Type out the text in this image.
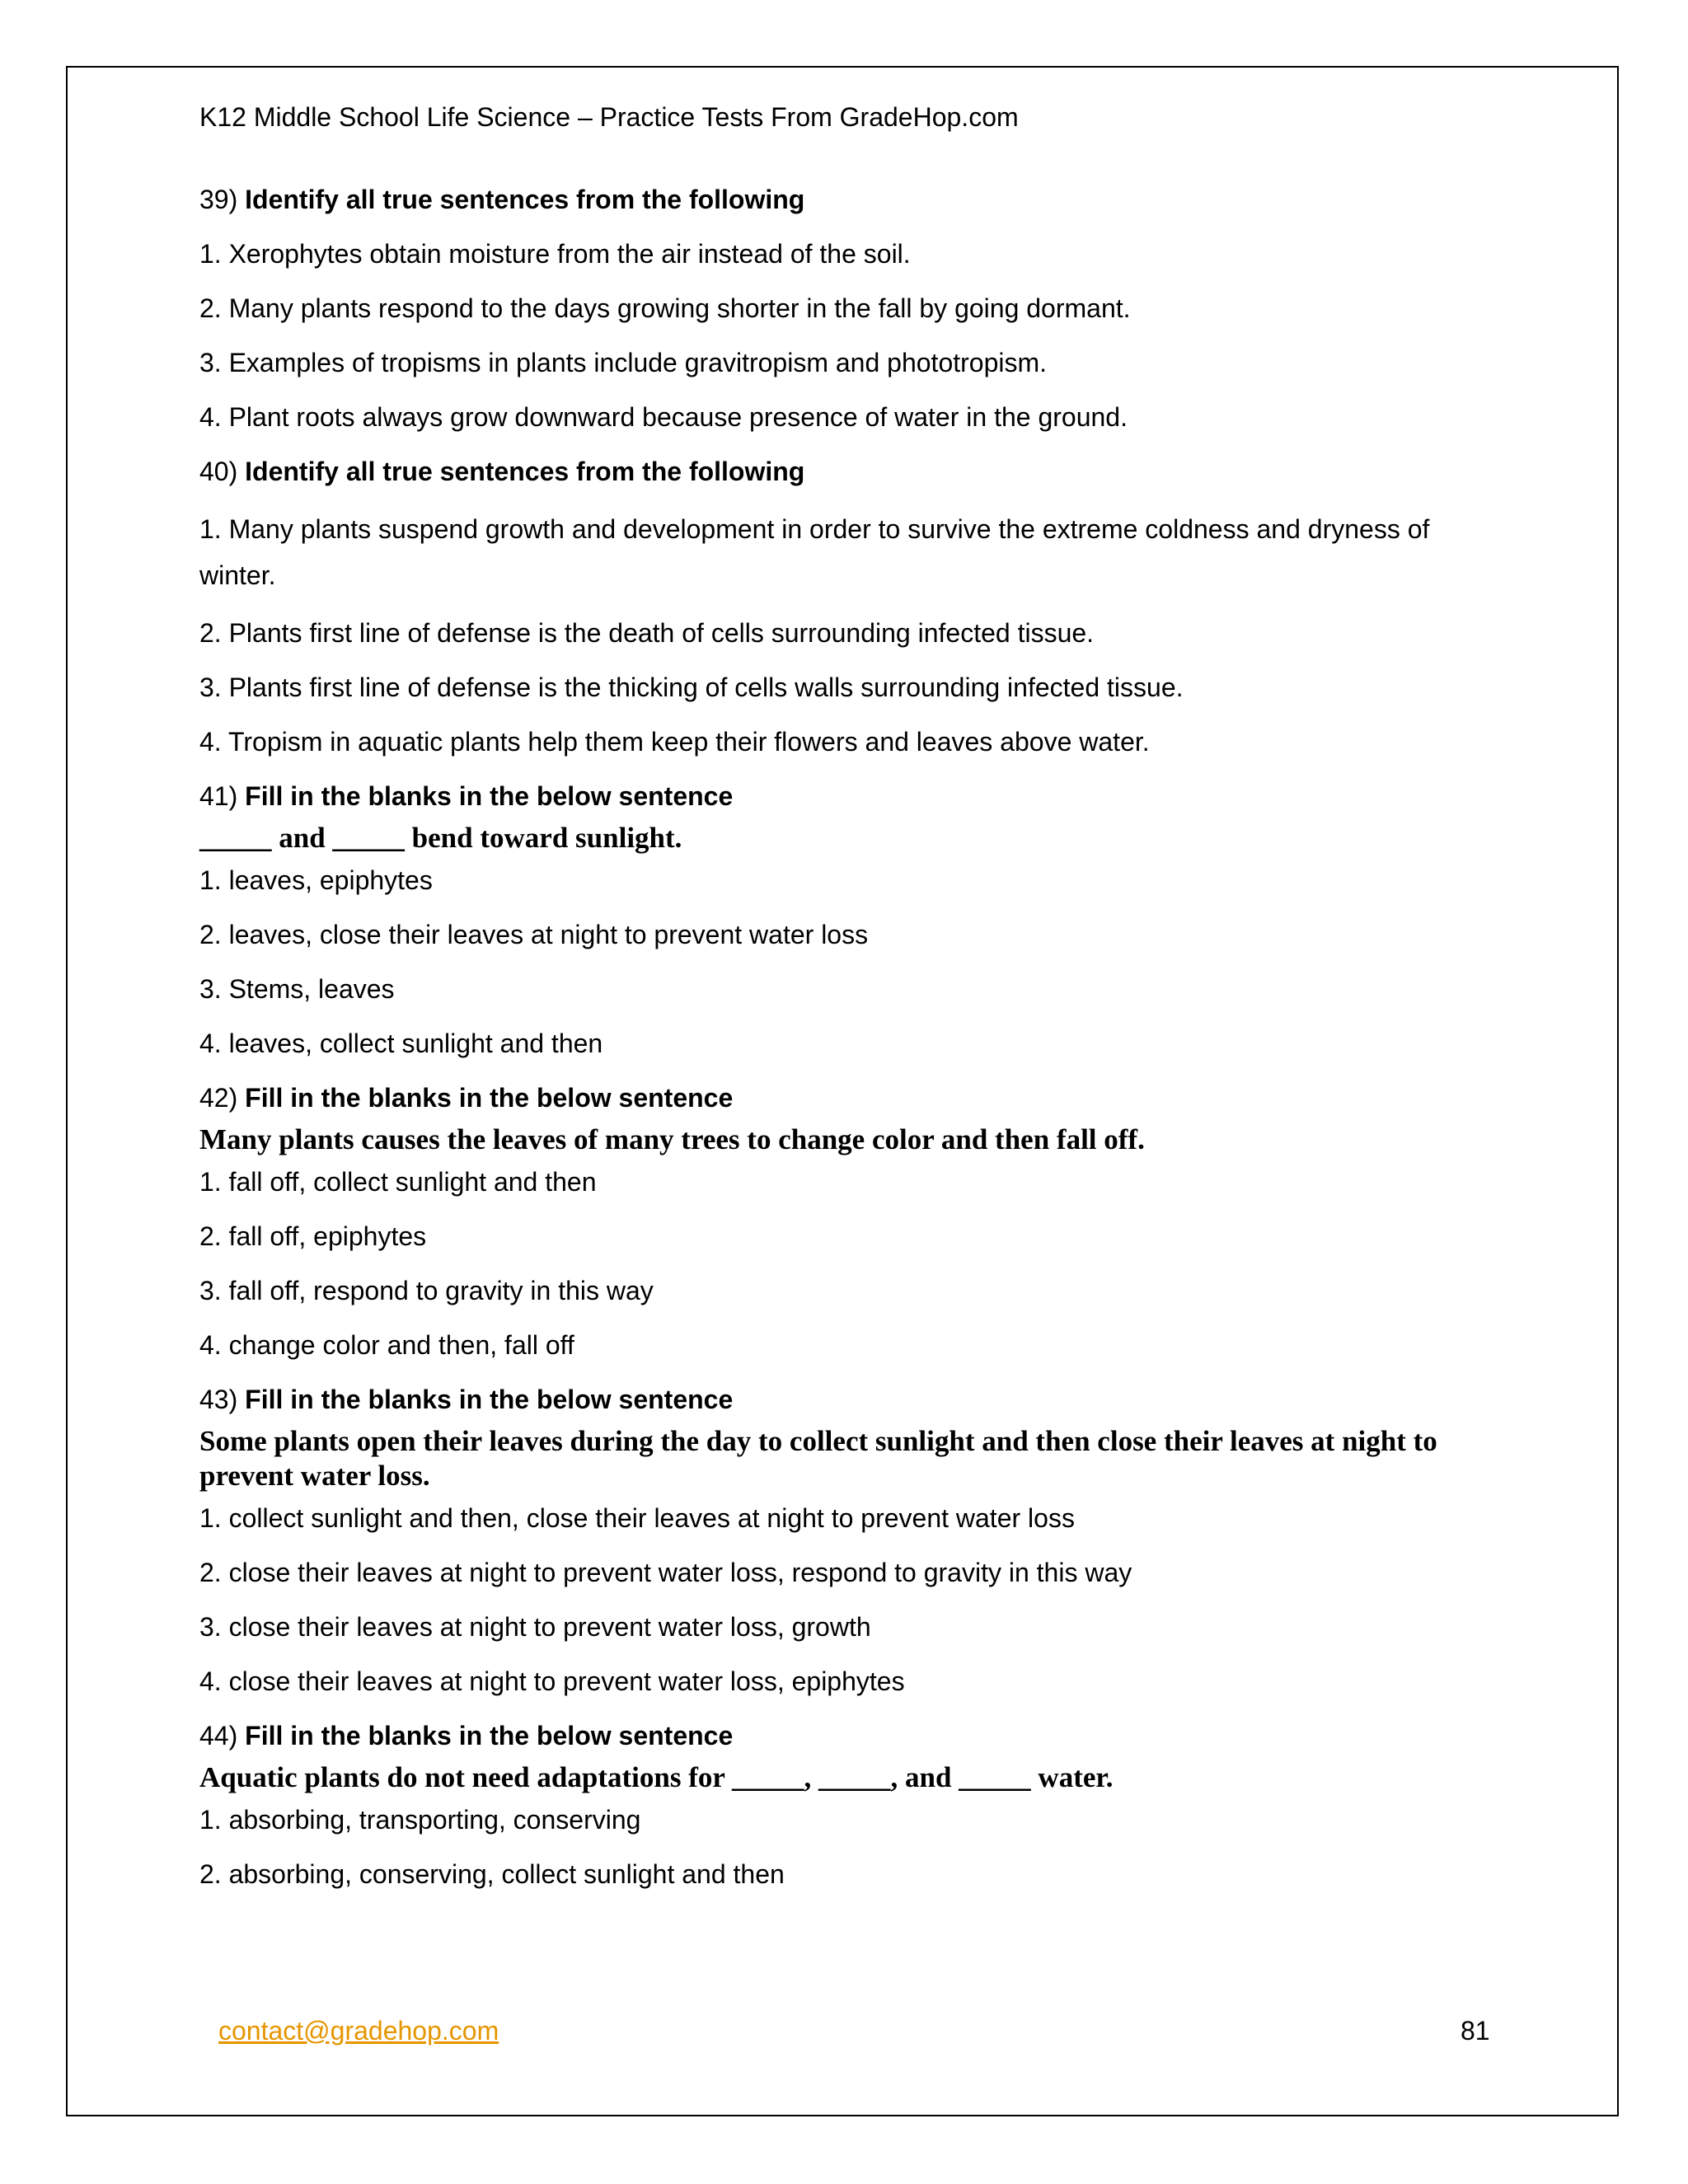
K12 Middle School Life Science – Practice Tests From GradeHop.com
39) Identify all true sentences from the following
1. Xerophytes obtain moisture from the air instead of the soil.
2. Many plants respond to the days growing shorter in the fall by going dormant.
3. Examples of tropisms in plants include gravitropism and phototropism.
4. Plant roots always grow downward because presence of water in the ground.
40) Identify all true sentences from the following
1. Many plants suspend growth and development in order to survive the extreme coldness and dryness of winter.
2. Plants first line of defense is the death of cells surrounding infected tissue.
3. Plants first line of defense is the thicking of cells walls surrounding infected tissue.
4. Tropism in aquatic plants help them keep their flowers and leaves above water.
41) Fill in the blanks in the below sentence
_____ and _____ bend toward sunlight.
1. leaves, epiphytes
2. leaves, close their leaves at night to prevent water loss
3. Stems, leaves
4. leaves, collect sunlight and then
42) Fill in the blanks in the below sentence
Many plants causes the leaves of many trees to change color and then fall off.
1. fall off, collect sunlight and then
2. fall off, epiphytes
3. fall off, respond to gravity in this way
4. change color and then, fall off
43) Fill in the blanks in the below sentence
Some plants open their leaves during the day to collect sunlight and then close their leaves at night to prevent water loss.
1. collect sunlight and then, close their leaves at night to prevent water loss
2. close their leaves at night to prevent water loss, respond to gravity in this way
3. close their leaves at night to prevent water loss, growth
4. close their leaves at night to prevent water loss, epiphytes
44) Fill in the blanks in the below sentence
Aquatic plants do not need adaptations for _____, _____, and _____ water.
1. absorbing, transporting, conserving
2. absorbing, conserving, collect sunlight and then
contact@gradehop.com	81
